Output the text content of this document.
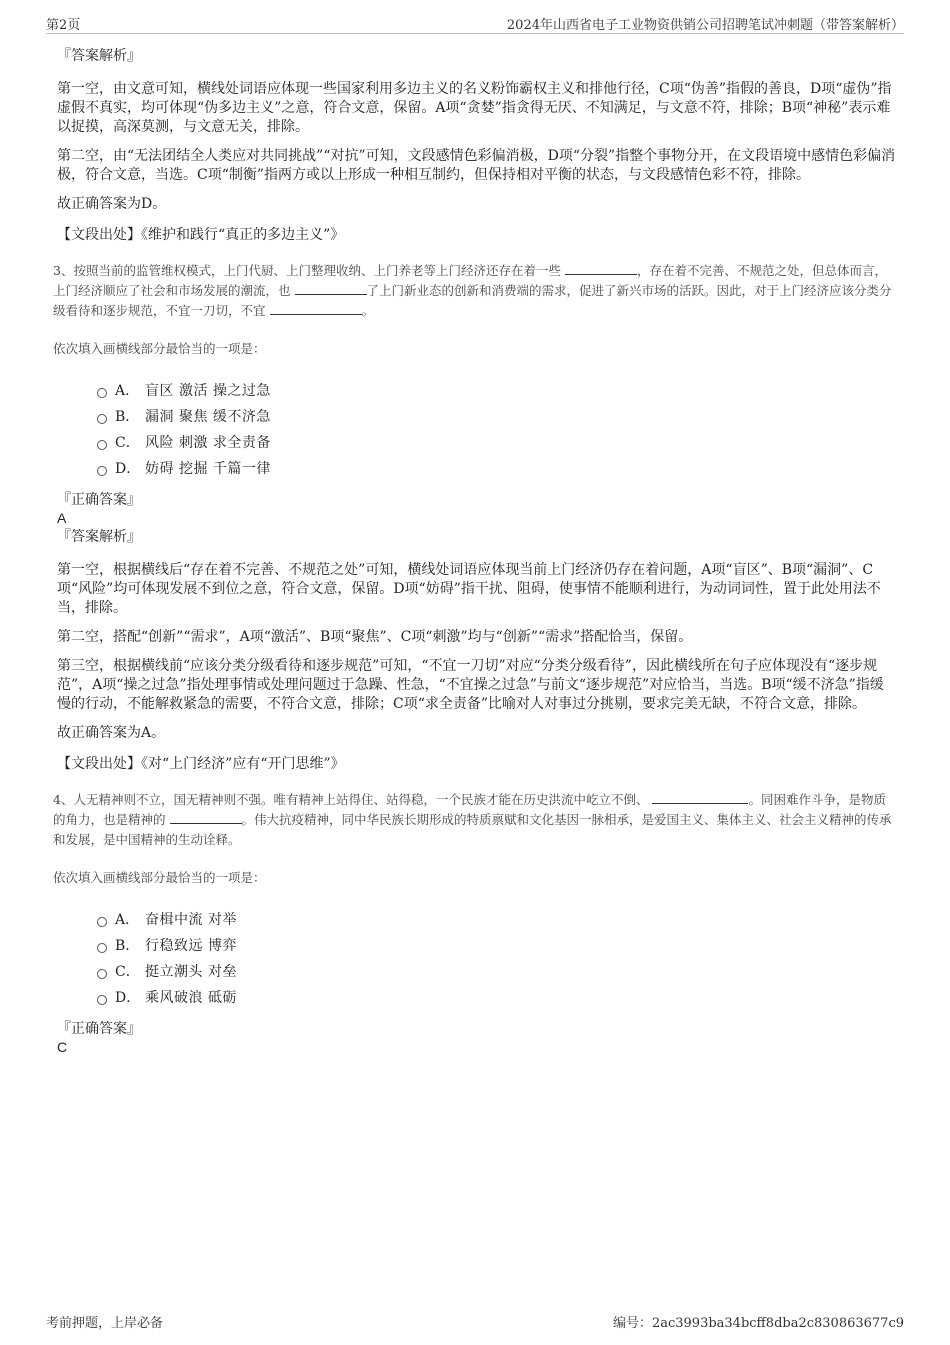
第2页	2024年山西省电子工业物资供销公司招聘笔试冲刺题（带答案解析）
『答案解析』

第一空，由文意可知，横线处词语应体现一些国家利用多边主义的名义粉饰霸权主义和排他行径，C项“伪善”指假的善良，D项“虚伪”指虚假不真实，均可体现“伪多边主义”之意，符合文意，保留。A项“贪婪”指贪得无厌、不知满足，与文意不符，排除；B项“神秘”表示难以捉摸，高深莫测，与文意无关，排除。

第二空，由“无法团结全人类应对共同挑战”“对抗”可知，文段感情色彩偏消极，D项“分裂”指整个事物分开，在文段语境中感情色彩偏消极，符合文意，当选。C项“制衡”指两方或以上形成一种相互制约，但保持相对平衡的状态，与文段感情色彩不符，排除。

故正确答案为D。

【文段出处】《维护和践行“真正的多边主义”》

3、按照当前的监管维权模式，上门代厨、上门整理收纳、上门养老等上门经济还存在着一些	，存在着不完善、不规范之处，但总体而言，上门经济顺应了社会和市场发展的潮流，也	了上门新业态的创新和消费端的需求，促进了新兴市场的活跃。因此，对于上门经济应该分类分级看待和逐步规范，不宜一刀切，不宜	。

依次填入画横线部分最恰当的一项是：

A． 盲区 激活 操之过急
B． 漏洞 聚焦 缓不济急
C． 风险 刺激 求全责备
D． 妨碍 挖掘 千篇一律
『正确答案』
A
『答案解析』

第一空，根据横线后“存在着不完善、不规范之处”可知，横线处词语应体现当前上门经济仍存在着问题，A项“盲区”、B项“漏洞”、C项“风险”均可体现发展不到位之意，符合文意，保留。D项“妨碍”指干扰、阻碍，使事情不能顺利进行，为动词词性，置于此处用法不当，排除。

第二空，搭配“创新”“需求”，A项“激活”、B项“聚焦”、C项“刺激”均与“创新”“需求”搭配恰当，保留。

第三空，根据横线前“应该分类分级看待和逐步规范”可知，“不宜一刀切”对应“分类分级看待”，因此横线所在句子应体现没有“逐步规范”，A项“操之过急”指处理事情或处理问题过于急躁、性急，“不宜操之过急”与前文“逐步规范”对应恰当，当选。B项“缓不济急”指缓慢的行动，不能解救紧急的需要，不符合文意，排除；C项“求全责备”比喻对人对事过分挑剔，要求完美无缺，不符合文意，排除。

故正确答案为A。

【文段出处】《对“上门经济”应有“开门思维”》

4、人无精神则不立，国无精神则不强。唯有精神上站得住、站得稳，一个民族才能在历史洪流中屹立不倒、	。同困难作斗争，是物质的角力，也是精神的	。伟大抗疫精神，同中华民族长期形成的特质禀赋和文化基因一脉相承，是爱国主义、集体主义、社会主义精神的传承和发展，是中国精神的生动诠释。

依次填入画横线部分最恰当的一项是：

A． 奋楫中流 对举
B． 行稳致远 博弈
C． 挺立潮头 对垒
D． 乘风破浪 砥砺
『正确答案』
C
考前押题，上岸必备	编号：2ac3993ba34bcff8dba2c830863677c9
